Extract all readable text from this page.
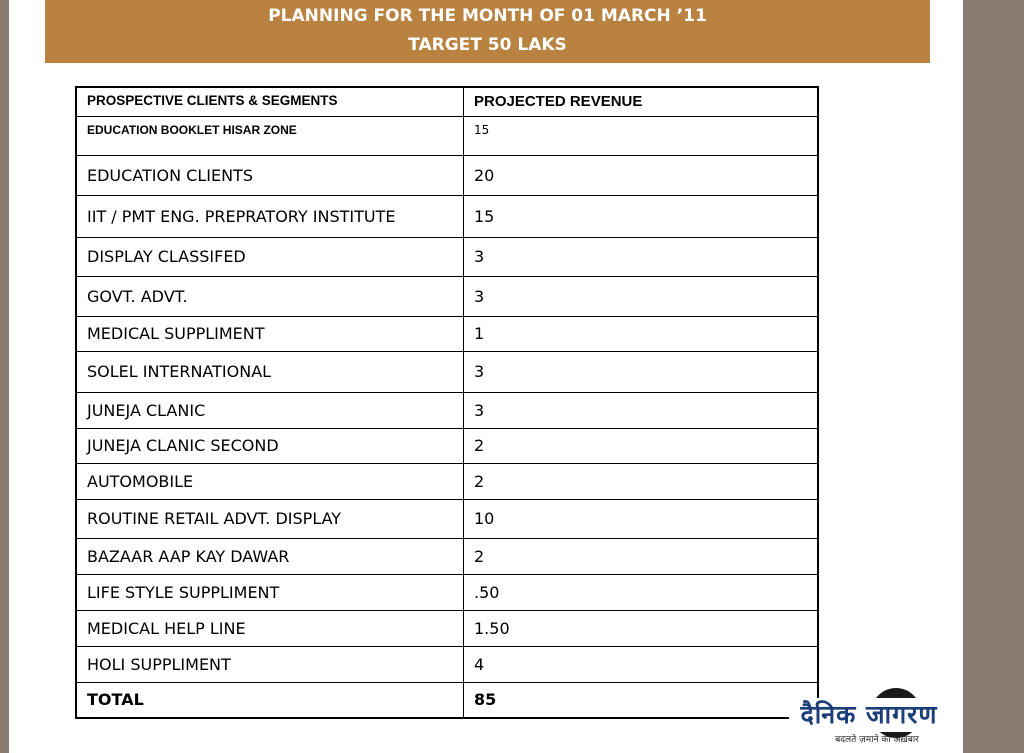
PLANNING FOR THE MONTH OF 01 MARCH ’11
TARGET 50 LAKS
PROSPECTIVE CLIENTS & SEGMENTS	PROJECTED REVENUE
EDUCATION BOOKLET HISAR ZONE	15
EDUCATION CLIENTS	20
IIT / PMT ENG. PREPRATORY INSTITUTE	15
DISPLAY CLASSIFED	3
GOVT. ADVT.	3
MEDICAL SUPPLIMENT	1
SOLEL INTERNATIONAL	3
JUNEJA CLANIC	3
JUNEJA CLANIC SECOND	2
AUTOMOBILE	2
ROUTINE RETAIL ADVT. DISPLAY	10
BAZAAR AAP KAY DAWAR	2
LIFE STYLE SUPPLIMENT	.50
MEDICAL HELP LINE	1.50
HOLI SUPPLIMENT	4
TOTAL	85
दैनिक जागरण
बदलते ज़माने का अख़बार
